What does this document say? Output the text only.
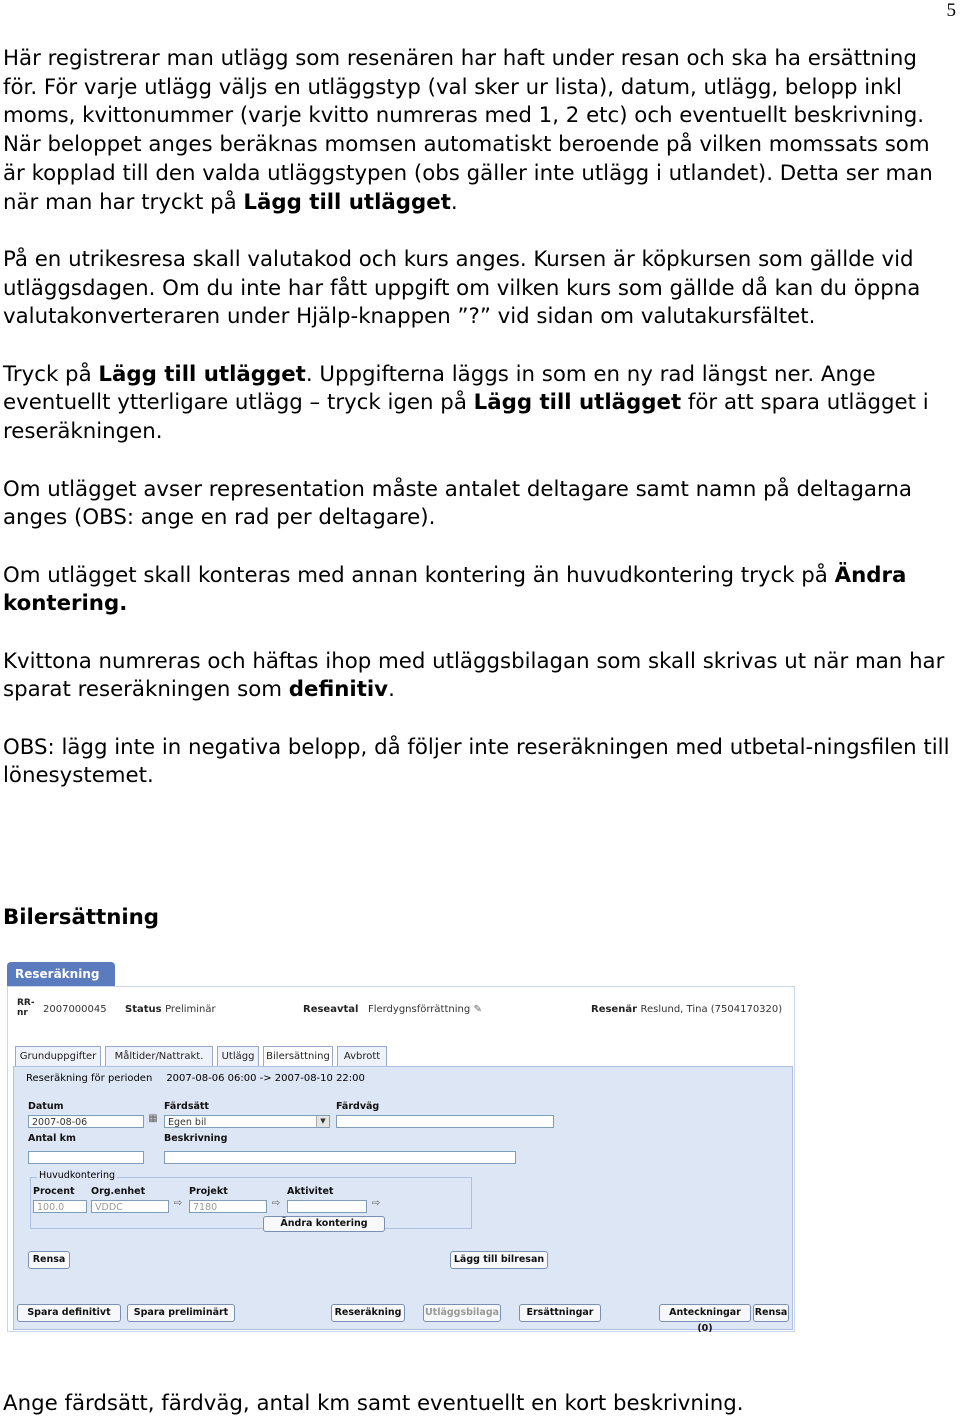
5

Här registrerar man utlägg som resenären har haft under resan och ska ha ersättning för. För varje utlägg väljs en utläggstyp (val sker ur lista), datum, utlägg, belopp inkl moms, kvittonummer (varje kvitto numreras med 1, 2 etc) och eventuellt beskrivning. När beloppet anges beräknas momsen automatiskt beroende på vilken momssats som är kopplad till den valda utläggstypen (obs gäller inte utlägg i utlandet). Detta ser man när man har tryckt på Lägg till utlägget.

På en utrikesresa skall valutakod och kurs anges. Kursen är köpkursen som gällde vid utläggsdagen. Om du inte har fått uppgift om vilken kurs som gällde då kan du öppna valutakonverteraren under Hjälp-knappen ”?” vid sidan om valutakursfältet.

Tryck på Lägg till utlägget. Uppgifterna läggs in som en ny rad längst ner. Ange eventuellt ytterligare utlägg – tryck igen på Lägg till utlägget för att spara utlägget i reseräkningen.

Om utlägget avser representation måste antalet deltagare samt namn på deltagarna anges (OBS: ange en rad per deltagare).

Om utlägget skall konteras med annan kontering än huvudkontering tryck på Ändra kontering.

Kvittona numreras och häftas ihop med utläggsbilagan som skall skrivas ut när man har sparat reseräkningen som definitiv.

OBS: lägg inte in negativa belopp, då följer inte reseräkningen med utbetal-ningsfilen till lönesystemet.

Bilersättning
Reseräkning
RR-
nr	2007000045 Status Preliminär	Reseavtal Flerdygnsförrättning ✎	Resenär Reslund, Tina (7504170320)
Grunduppgifter	Måltider/Nattrakt.	Utlägg	Bilersättning	Avbrott
Reseräkning för perioden 2007-08-06 06:00 -> 2007-08-10 22:00
Datum
2007-08-06	▦
Färdsätt
Egen bil	▼
Färdväg
Antal km	Beskrivning
Huvudkontering
Procent
100.0
Org.enhet
VDDC	⇨
Projekt
7180	⇨
Aktivitet
⇨
Ändra kontering
Rensa	Lägg till bilresan
Spara definitivt	Spara preliminärt	Reseräkning	Utläggsbilaga	Ersättningar	Anteckningar (0)
Rensa
Ange färdsätt, färdväg, antal km samt eventuellt en kort beskrivning.
